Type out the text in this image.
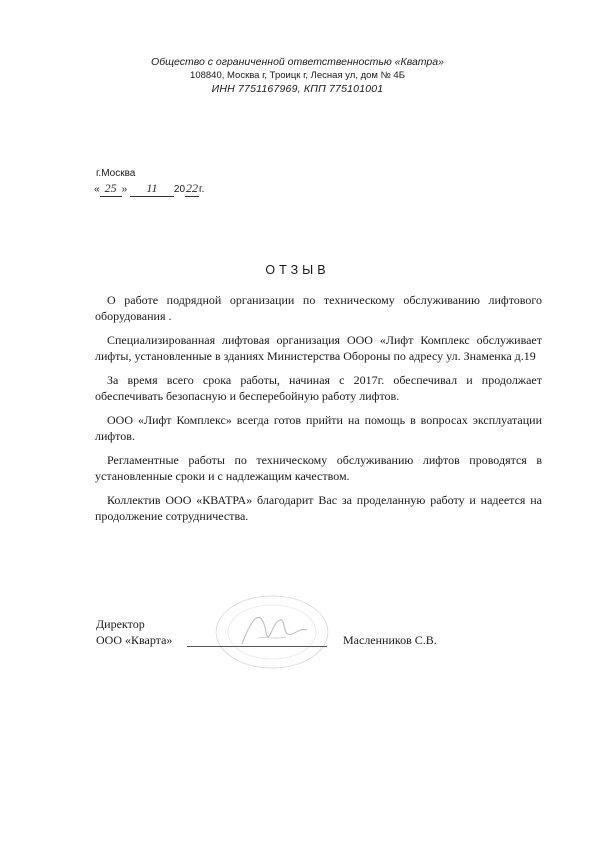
Общество с ограниченной ответственностью «Кватра»
108840, Москва г, Троицк г, Лесная ул, дом № 4Б
ИНН 7751167969, КПП 775101001
г.Москва
« 25 » 11 2022г.
ОТЗЫВ

О работе подрядной организации по техническому обслуживанию лифтового оборудования .

Специализированная лифтовая организация ООО «Лифт Комплекс обслуживает лифты, установленные в зданиях Министерства Обороны по адресу ул. Знаменка д.19

За время всего срока работы, начиная с 2017г. обеспечивал и продолжает обеспечивать безопасную и бесперебойную работу лифтов.

ООО «Лифт Комплекс» всегда готов прийти на помощь в вопросах эксплуатации лифтов.

Регламентные работы по техническому обслуживанию лифтов проводятся в установленные сроки и с надлежащим качеством.

Коллектив ООО «КВАТРА» благодарит Вас за проделанную работу и надеется на продолжение сотрудничества.

Директор
ООО «Кварта»	Масленников С.В.
